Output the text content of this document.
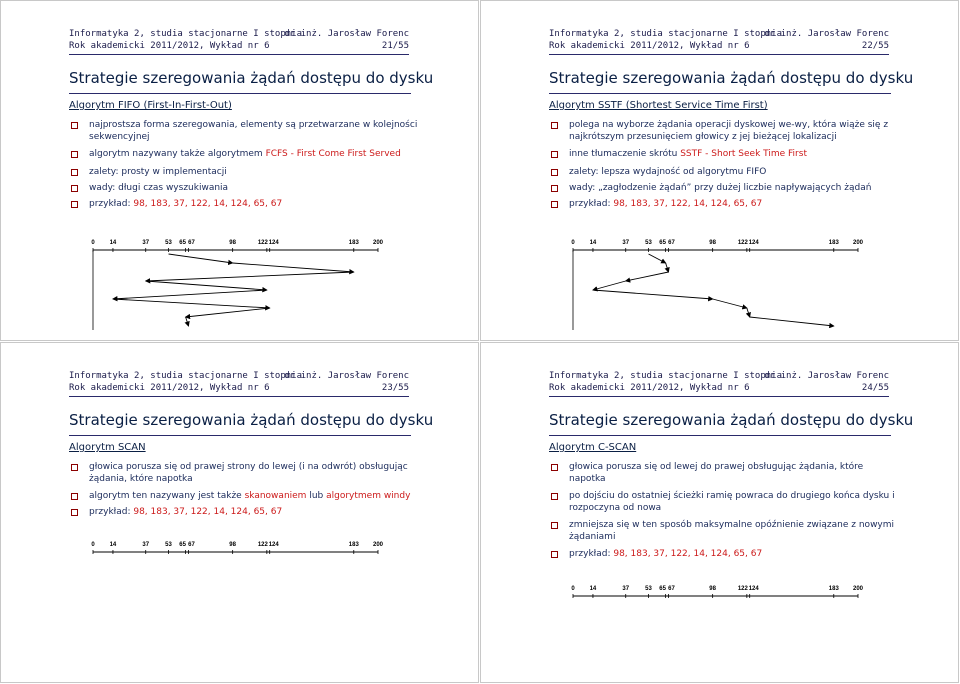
Informatyka 2, studia stacjonarne I stopnia
dr inż. Jarosław Forenc
Rok akademicki 2011/2012, Wykład nr 6	21/55
Strategie szeregowania żądań dostępu do dysku
Algorytm FIFO (First-In-First-Out)
najprostsza forma szeregowania, elementy są przetwarzane w kolejności sekwencyjnej
algorytm nazywany także algorytmem FCFS - First Come First Served
zalety: prosty w implementacji
wady: długi czas wyszukiwania
przykład: 98, 183, 37, 122, 14, 124, 65, 67
0 14	37	53 65 67	98	122 124	183 200
Informatyka 2, studia stacjonarne I stopnia
dr inż. Jarosław Forenc
Rok akademicki 2011/2012, Wykład nr 6	22/55
Strategie szeregowania żądań dostępu do dysku
Algorytm SSTF (Shortest Service Time First)
polega na wyborze żądania operacji dyskowej we-wy, która wiąże się z najkrótszym przesunięciem głowicy z jej bieżącej lokalizacji
inne tłumaczenie skrótu SSTF - Short Seek Time First
zalety: lepsza wydajność od algorytmu FIFO
wady: „zagłodzenie żądań” przy dużej liczbie napływających żądań
przykład: 98, 183, 37, 122, 14, 124, 65, 67
0 14	37	53 65 67	98	122 124	183 200
Informatyka 2, studia stacjonarne I stopnia
dr inż. Jarosław Forenc
Rok akademicki 2011/2012, Wykład nr 6	23/55
Strategie szeregowania żądań dostępu do dysku
Algorytm SCAN
głowica porusza się od prawej strony do lewej (i na odwrót) obsługując żądania, które napotka
algorytm ten nazywany jest także skanowaniem lub algorytmem windy
przykład: 98, 183, 37, 122, 14, 124, 65, 67
0 14	37	53 65 67	98	122 124	183 200
Informatyka 2, studia stacjonarne I stopnia
dr inż. Jarosław Forenc
Rok akademicki 2011/2012, Wykład nr 6	24/55
Strategie szeregowania żądań dostępu do dysku
Algorytm C-SCAN
głowica porusza się od lewej do prawej obsługując żądania, które napotka
po dojściu do ostatniej ścieżki ramię powraca do drugiego końca dysku i rozpoczyna od nowa
zmniejsza się w ten sposób maksymalne opóźnienie związane z nowymi żądaniami
przykład: 98, 183, 37, 122, 14, 124, 65, 67
0 14	37	53 65 67	98	122 124	183 200
